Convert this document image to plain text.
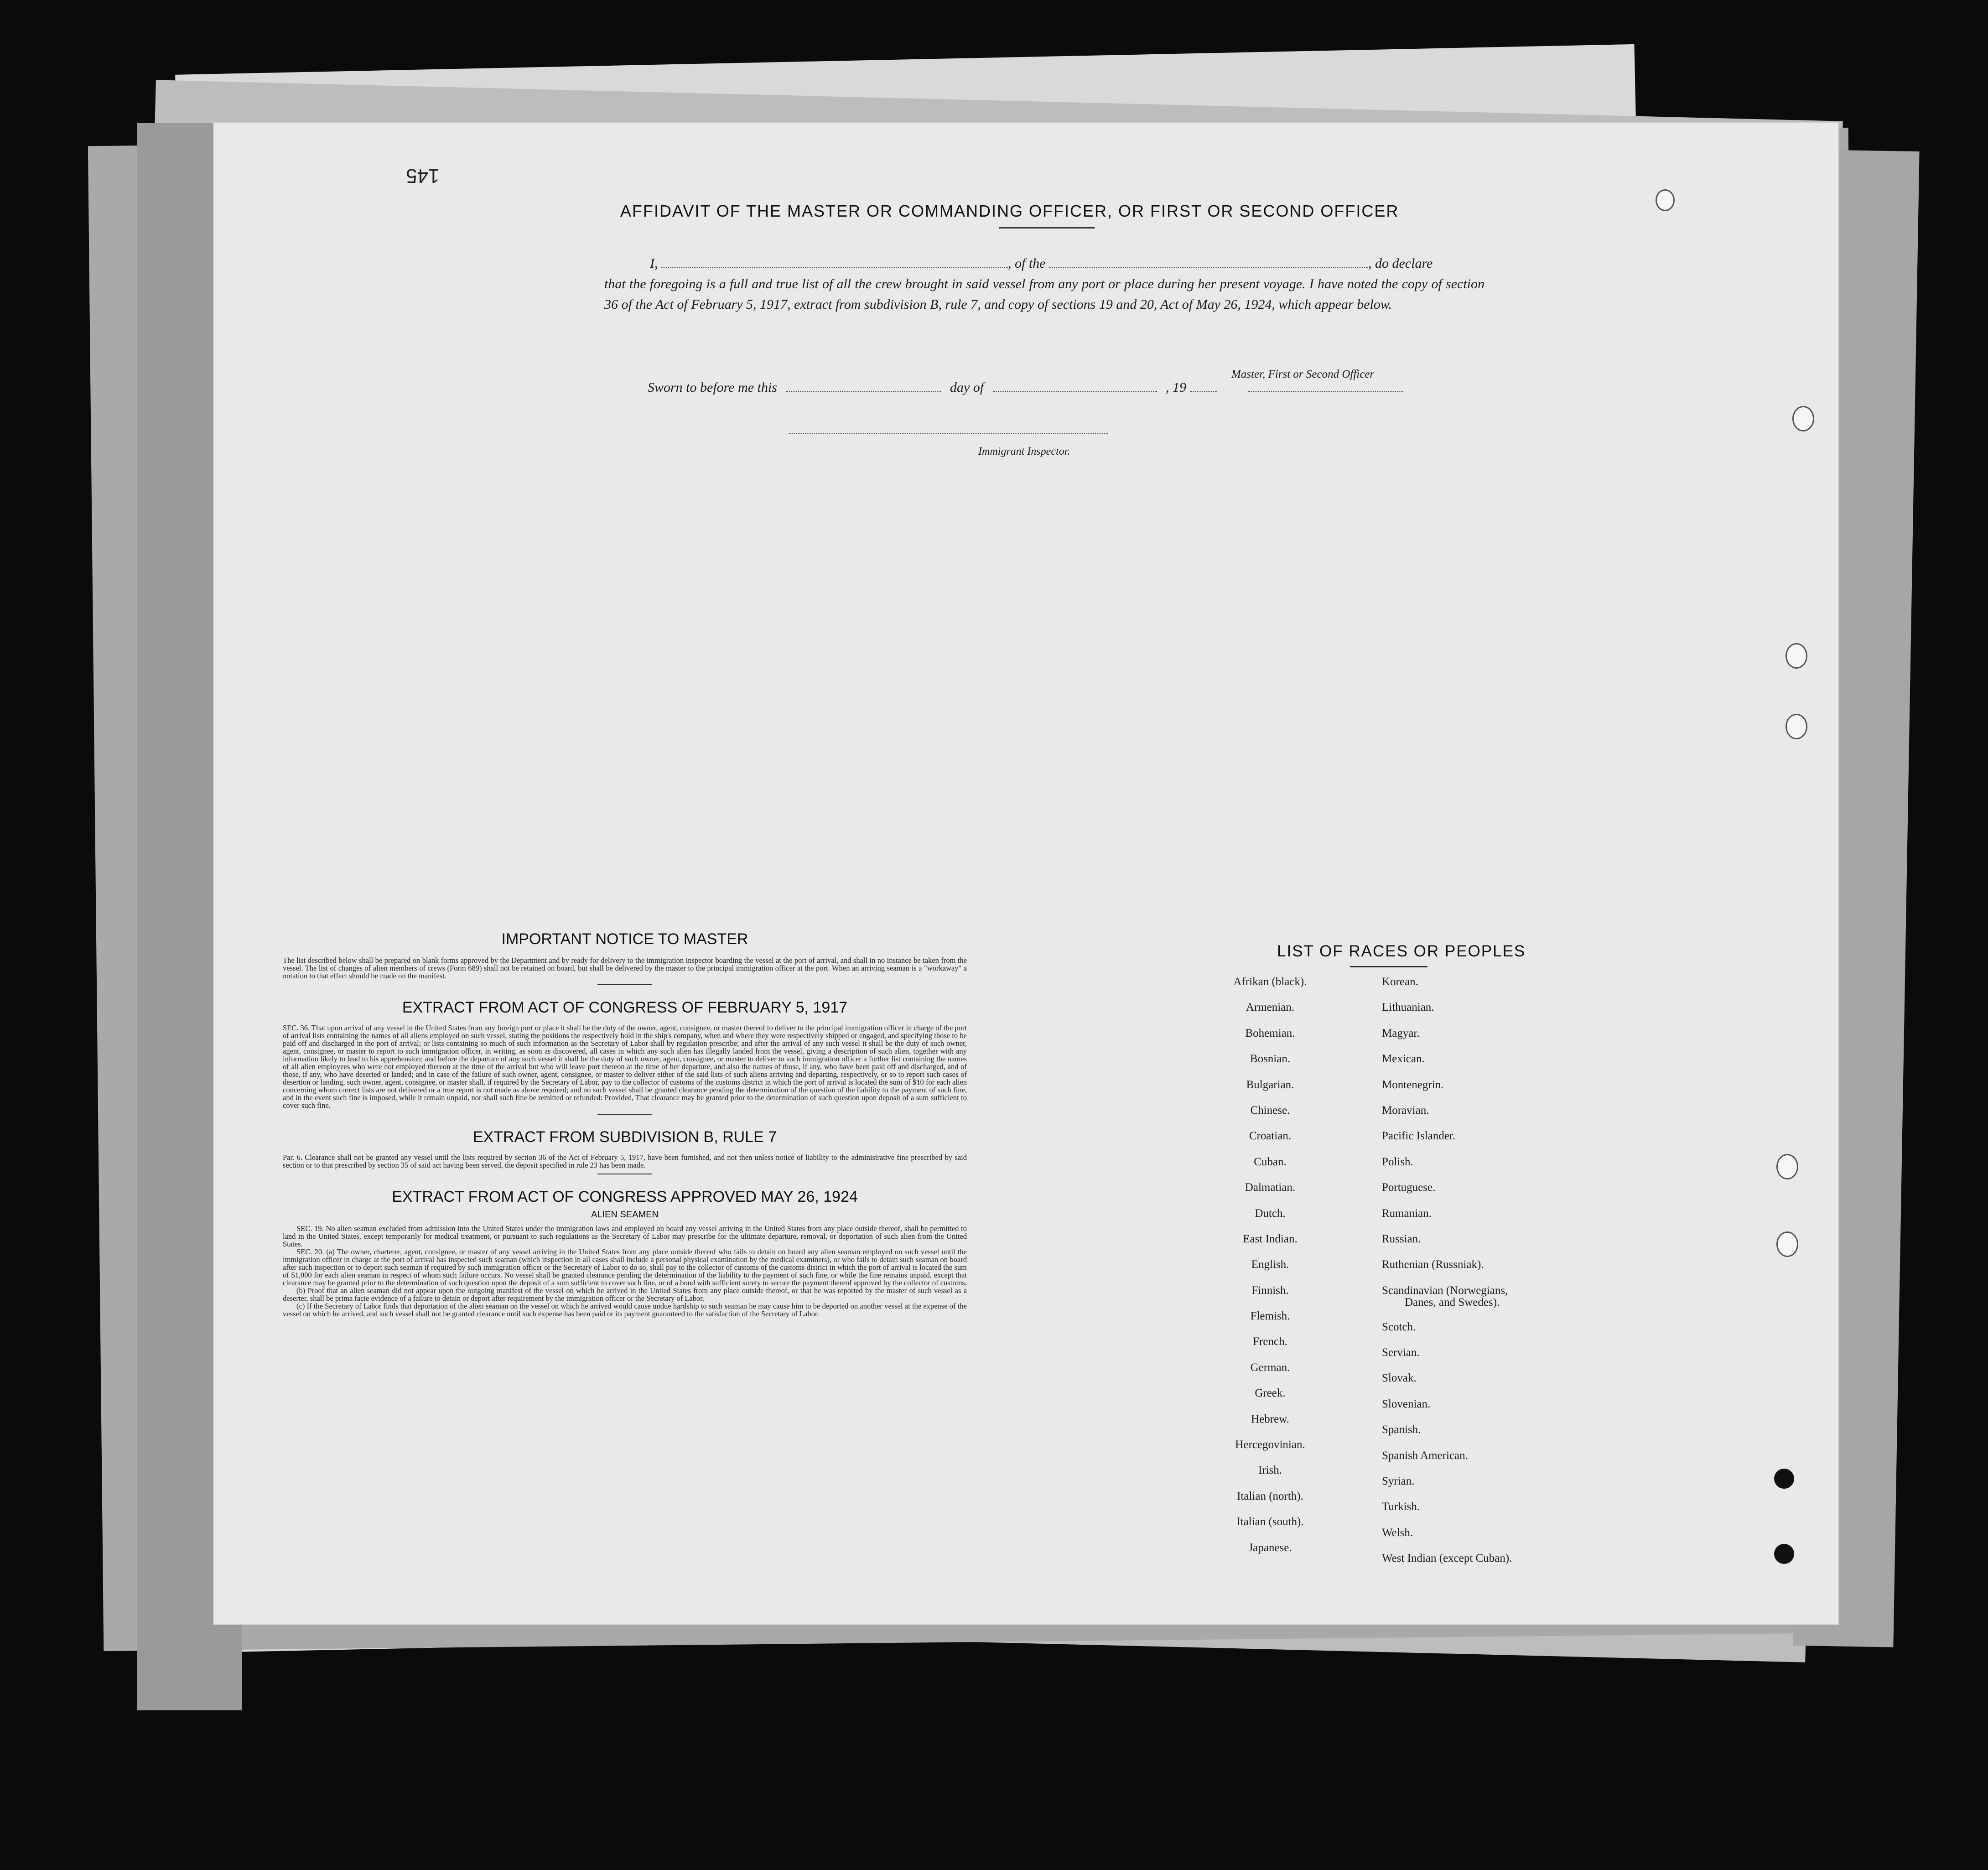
145
AFFIDAVIT OF THE MASTER OR COMMANDING OFFICER, OR FIRST OR SECOND OFFICER
I,	, of the	, do declare
that the foregoing is a full and true list of all the crew brought in said vessel from any port or place during her present voyage. I have noted the copy of section 36 of the Act of February 5, 1917, extract from subdivision B, rule 7, and copy of sections 19 and 20, Act of May 26, 1924, which appear below.
Master, First or Second Officer
Sworn to before me this	day of	, 19
Immigrant Inspector.
IMPORTANT NOTICE TO MASTER
The list described below shall be prepared on blank forms approved by the Department and by ready for delivery to the immigration inspector boarding the vessel at the port of arrival, and shall in no instance be taken from the vessel. The list of changes of alien members of crews (Form 689) shall not be retained on board, but shall be delivered by the master to the principal immigration officer at the port. When an arriving seaman is a "workaway" a notation to that effect should be made on the manifest.
EXTRACT FROM ACT OF CONGRESS OF FEBRUARY 5, 1917
SEC. 36. That upon arrival of any vessel in the United States from any foreign port or place it shall be the duty of the owner, agent, consignee, or master thereof to deliver to the principal immigration officer in charge of the port of arrival lists containing the names of all aliens employed on such vessel, stating the positions the respectively hold in the ship's company, when and where they were respectively shipped or engaged, and specifying those to be paid off and discharged in the port of arrival; or lists containing so much of such information as the Secretary of Labor shall by regulation prescribe; and after the arrival of any such vessel it shall be the duty of such owner, agent, consignee, or master to report to such immigration officer, in writing, as soon as discovered, all cases in which any such alien has illegally landed from the vessel, giving a description of such alien, together with any information likely to lead to his apprehension; and before the departure of any such vessel it shall be the duty of such owner, agent, consignee, or master to deliver to such immigration officer a further list containing the names of all alien employees who were not employed thereon at the time of the arrival but who will leave port thereon at the time of her departure, and also the names of those, if any, who have been paid off and discharged, and of those, if any, who have deserted or landed; and in case of the failure of such owner, agent, consignee, or master to deliver either of the said lists of such aliens arriving and departing, respectively, or so to report such cases of desertion or landing, such owner, agent, consignee, or master shall, if required by the Secretary of Labor, pay to the collector of customs of the customs district in which the port of arrival is located the sum of $10 for each alien concerning whom correct lists are not delivered or a true report is not made as above required; and no such vessel shall be granted clearance pending the determination of the question of the liability to the payment of such fine, and in the event such fine is imposed, while it remain unpaid, nor shall such fine be remitted or refunded: Provided, That clearance may be granted prior to the determination of such question upon deposit of a sum sufficient to cover such fine.
EXTRACT FROM SUBDIVISION B, RULE 7
Par. 6. Clearance shall not be granted any vessel until the lists required by section 36 of the Act of February 5, 1917, have been furnished, and not then unless notice of liability to the administrative fine prescribed by said section or to that prescribed by section 35 of said act having been served, the deposit specified in rule 23 has been made.
EXTRACT FROM ACT OF CONGRESS APPROVED MAY 26, 1924
ALIEN SEAMEN
SEC. 19. No alien seaman excluded from admission into the United States under the immigration laws and employed on board any vessel arriving in the United States from any place outside thereof, shall be permitted to land in the United States, except temporarily for medical treatment, or pursuant to such regulations as the Secretary of Labor may prescribe for the ultimate departure, removal, or deportation of such alien from the United States.
SEC. 20. (a) The owner, charterer, agent, consignee, or master of any vessel arriving in the United States from any place outside thereof who fails to detain on board any alien seaman employed on such vessel until the immigration officer in charge at the port of arrival has inspected such seaman (which inspection in all cases shall include a personal physical examination by the medical examiners), or who fails to detain such seaman on board after such inspection or to deport such seaman if required by such immigration officer or the Secretary of Labor to do so, shall pay to the collector of customs of the customs district in which the port of arrival is located the sum of $1,000 for each alien seaman in respect of whom such failure occurs. No vessel shall be granted clearance pending the determination of the liability to the payment of such fine, or while the fine remains unpaid, except that clearance may be granted prior to the determination of such question upon the deposit of a sum sufficient to cover such fine, or of a bond with sufficient surety to secure the payment thereof approved by the collector of customs.
(b) Proof that an alien seaman did not appear upon the outgoing manifest of the vessel on which he arrived in the United States from any place outside thereof, or that he was reported by the master of such vessel as a deserter, shall be prima facie evidence of a failure to detain or deport after requirement by the immigration officer or the Secretary of Labor.
(c) If the Secretary of Labor finds that deportation of the alien seaman on the vessel on which he arrived would cause undue hardship to such seaman he may cause him to be deported on another vessel at the expense of the vessel on which he arrived, and such vessel shall not be granted clearance until such expense has been paid or its payment guaranteed to the satisfaction of the Secretary of Labor.
LIST OF RACES OR PEOPLES
Afrikan (black).
Armenian.
Bohemian.
Bosnian.
Bulgarian.
Chinese.
Croatian.
Cuban.
Dalmatian.
Dutch.
East Indian.
English.
Finnish.
Flemish.
French.
German.
Greek.
Hebrew.
Hercegovinian.
Irish.
Italian (north).
Italian (south).
Japanese.
Korean.
Lithuanian.
Magyar.
Mexican.
Montenegrin.
Moravian.
Pacific Islander.
Polish.
Portuguese.
Rumanian.
Russian.
Ruthenian (Russniak).
Scandinavian (Norwegians,
Danes, and Swedes).
Scotch.
Servian.
Slovak.
Slovenian.
Spanish.
Spanish American.
Syrian.
Turkish.
Welsh.
West Indian (except Cuban).
